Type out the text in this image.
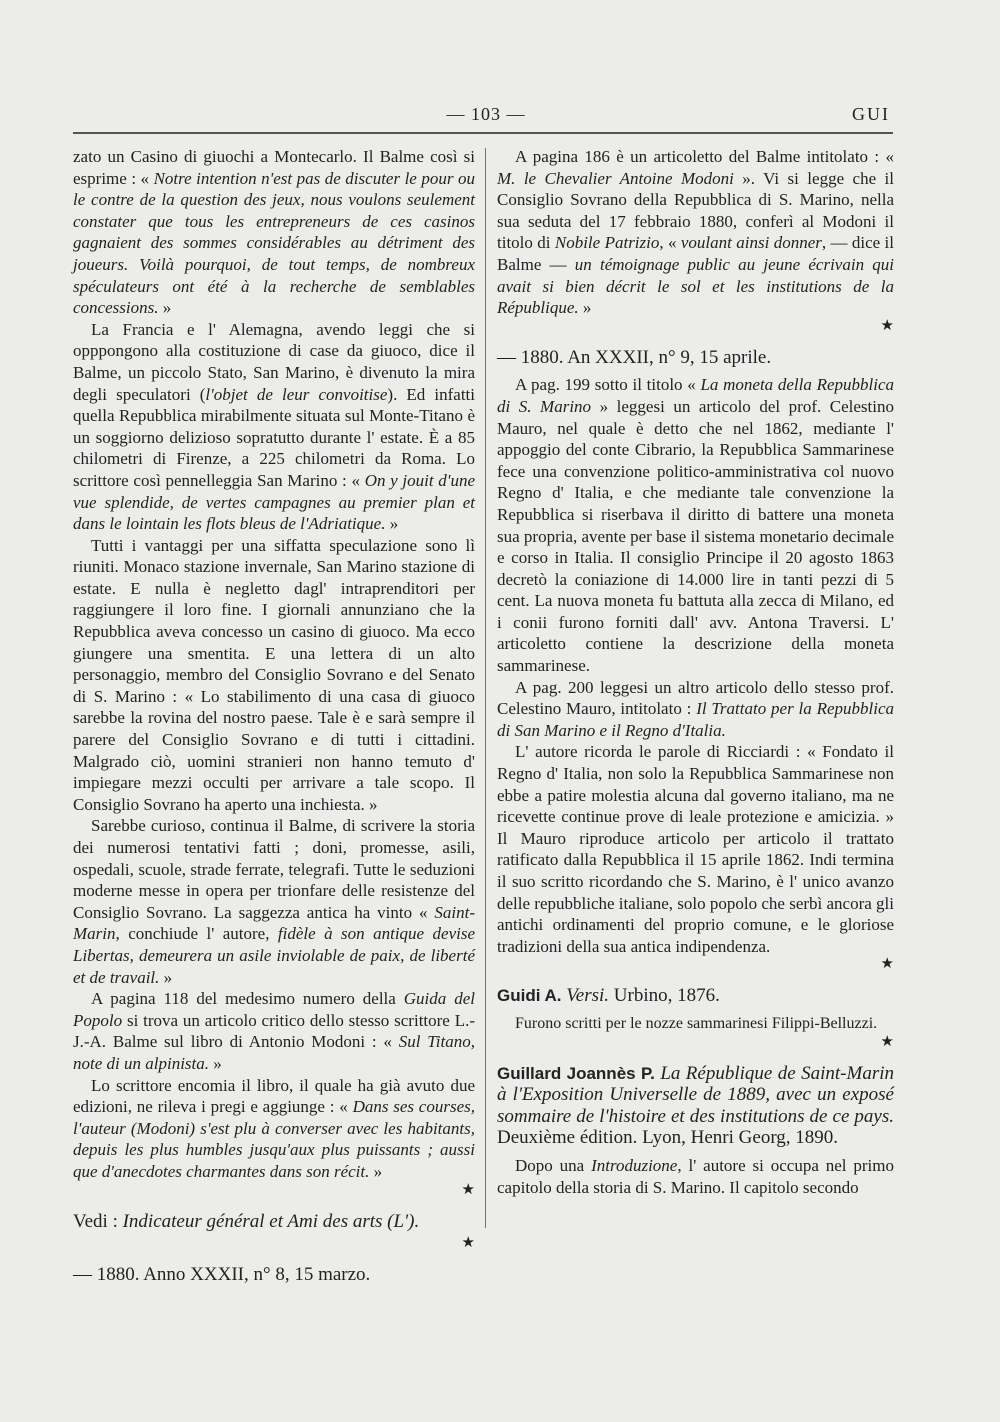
— 103 —	GUI

zato un Casino di giuochi a Montecarlo. Il Balme così si esprime : « Notre intention n'est pas de discuter le pour ou le contre de la question des jeux, nous voulons seulement constater que tous les entrepreneurs de ces casinos gagnaient des sommes considérables au détriment des joueurs. Voilà pourquoi, de tout temps, de nombreux spéculateurs ont été à la recherche de semblables concessions. »

La Francia e l' Alemagna, avendo leggi che si opppongono alla costituzione di case da giuoco, dice il Balme, un piccolo Stato, San Marino, è divenuto la mira degli speculatori (l'objet de leur convoitise). Ed infatti quella Repubblica mirabilmente situata sul Monte-Titano è un soggiorno delizioso sopratutto durante l' estate. È a 85 chilometri di Firenze, a 225 chilometri da Roma. Lo scrittore così pennelleggia San Marino : « On y jouit d'une vue splendide, de vertes campagnes au premier plan et dans le lointain les flots bleus de l'Adriatique. »

Tutti i vantaggi per una siffatta speculazione sono lì riuniti. Monaco stazione invernale, San Marino stazione di estate. E nulla è negletto dagl' intraprenditori per raggiungere il loro fine. I giornali annunziano che la Repubblica aveva concesso un casino di giuoco. Ma ecco giungere una smentita. E una lettera di un alto personaggio, membro del Consiglio Sovrano e del Senato di S. Marino : « Lo stabilimento di una casa di giuoco sarebbe la rovina del nostro paese. Tale è e sarà sempre il parere del Consiglio Sovrano e di tutti i cittadini. Malgrado ciò, uomini stranieri non hanno temuto d' impiegare mezzi occulti per arrivare a tale scopo. Il Consiglio Sovrano ha aperto una inchiesta. »

Sarebbe curioso, continua il Balme, di scrivere la storia dei numerosi tentativi fatti ; doni, promesse, asili, ospedali, scuole, strade ferrate, telegrafi. Tutte le seduzioni moderne messe in opera per trionfare delle resistenze del Consiglio Sovrano. La saggezza antica ha vinto « Saint-Marin, conchiude l' autore, fidèle à son antique devise Libertas, demeurera un asile inviolable de paix, de liberté et de travail. »

A pagina 118 del medesimo numero della Guida del Popolo si trova un articolo critico dello stesso scrittore L.-J.-A. Balme sul libro di Antonio Modoni : « Sul Titano, note di un alpinista. »

Lo scrittore encomia il libro, il quale ha già avuto due edizioni, ne rileva i pregi e aggiunge : « Dans ses courses, l'auteur (Modoni) s'est plu à converser avec les habitants, depuis les plus humbles jusqu'aux plus puissants ; aussi que d'anecdotes charmantes dans son récit. »

★

Vedi : Indicateur général et Ami des arts (L').

★

— 1880. Anno XXXII, n° 8, 15 marzo.

A pagina 186 è un articoletto del Balme intitolato : « M. le Chevalier Antoine Modoni ». Vi si legge che il Consiglio Sovrano della Repubblica di S. Marino, nella sua seduta del 17 febbraio 1880, conferì al Modoni il titolo di Nobile Patrizio, « voulant ainsi donner, — dice il Balme — un témoignage public au jeune écrivain qui avait si bien décrit le sol et les institutions de la République. »

★

— 1880. An XXXII, n° 9, 15 aprile.

A pag. 199 sotto il titolo « La moneta della Repubblica di S. Marino » leggesi un articolo del prof. Celestino Mauro, nel quale è detto che nel 1862, mediante l' appoggio del conte Cibrario, la Repubblica Sammarinese fece una convenzione politico-amministrativa col nuovo Regno d' Italia, e che mediante tale convenzione la Repubblica si riserbava il diritto di battere una moneta sua propria, avente per base il sistema monetario decimale e corso in Italia. Il consiglio Principe il 20 agosto 1863 decretò la coniazione di 14.000 lire in tanti pezzi di 5 cent. La nuova moneta fu battuta alla zecca di Milano, ed i conii furono forniti dall' avv. Antona Traversi. L' articoletto contiene la descrizione della moneta sammarinese.

A pag. 200 leggesi un altro articolo dello stesso prof. Celestino Mauro, intitolato : Il Trattato per la Repubblica di San Marino e il Regno d'Italia.

L' autore ricorda le parole di Ricciardi : « Fondato il Regno d' Italia, non solo la Repubblica Sammarinese non ebbe a patire molestia alcuna dal governo italiano, ma ne ricevette continue prove di leale protezione e amicizia. » Il Mauro riproduce articolo per articolo il trattato ratificato dalla Repubblica il 15 aprile 1862. Indi termina il suo scritto ricordando che S. Marino, è l' unico avanzo delle repubbliche italiane, solo popolo che serbì ancora gli antichi ordinamenti del proprio comune, e le gloriose tradizioni della sua antica indipendenza.

★

Guidi A. Versi. Urbino, 1876.

Furono scritti per le nozze sammarinesi Filippi-Belluzzi.

★

Guillard Joannès P. La République de Saint-Marin à l'Exposition Universelle de 1889, avec un exposé sommaire de l'histoire et des institutions de ce pays. Deuxième édition. Lyon, Henri Georg, 1890.

Dopo una Introduzione, l' autore si occupa nel primo capitolo della storia di S. Marino. Il capitolo secondo
